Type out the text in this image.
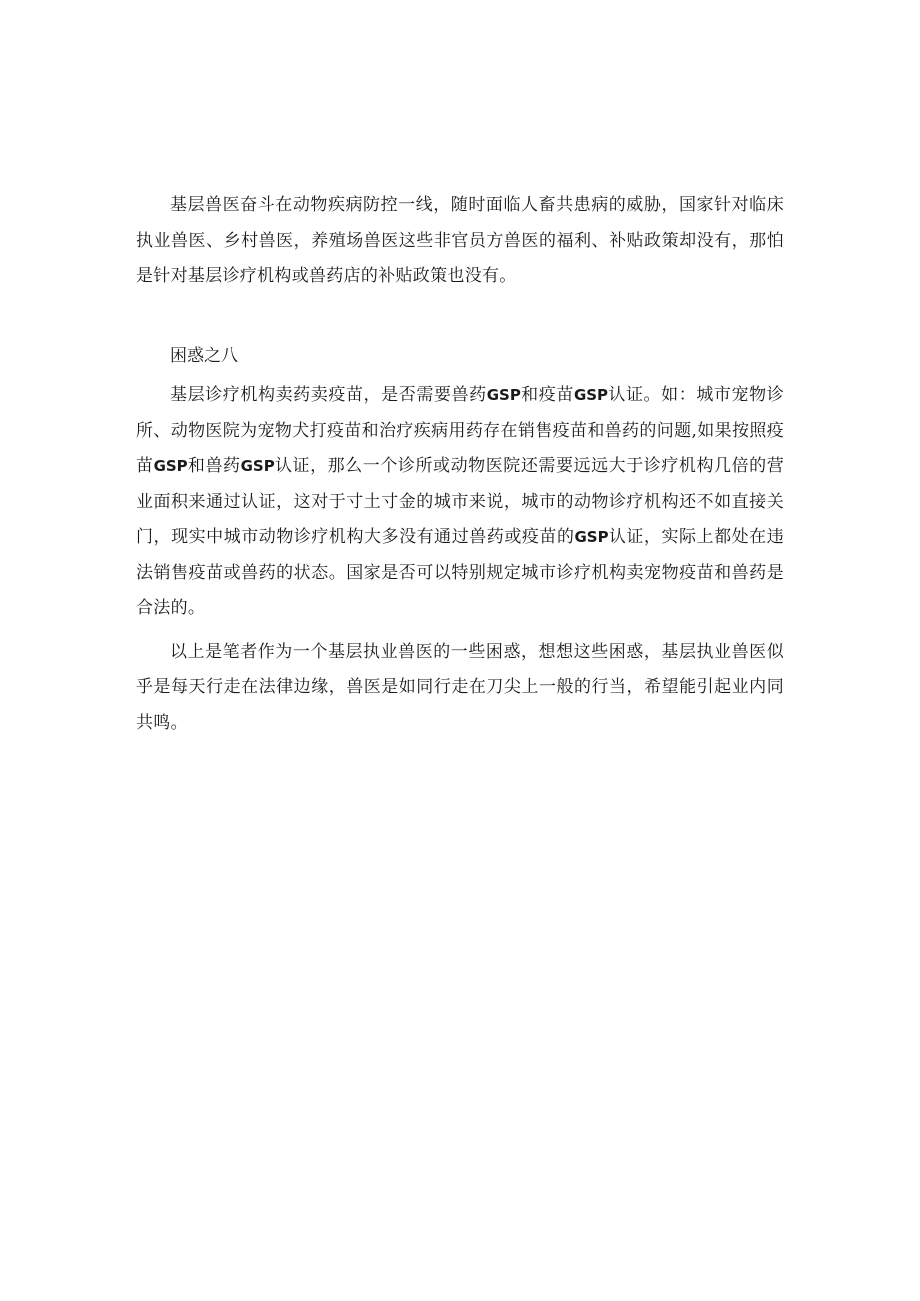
基层兽医奋斗在动物疾病防控一线，随时面临人畜共患病的威胁，国家针对临床执业兽医、乡村兽医，养殖场兽医这些非官员方兽医的福利、补贴政策却没有，那怕是针对基层诊疗机构或兽药店的补贴政策也没有。

困惑之八

基层诊疗机构卖药卖疫苗，是否需要兽药GSP和疫苗GSP认证。如：城市宠物诊所、动物医院为宠物犬打疫苗和治疗疾病用药存在销售疫苗和兽药的问题,如果按照疫苗GSP和兽药GSP认证，那么一个诊所或动物医院还需要远远大于诊疗机构几倍的营业面积来通过认证，这对于寸土寸金的城市来说，城市的动物诊疗机构还不如直接关门，现实中城市动物诊疗机构大多没有通过兽药或疫苗的GSP认证，实际上都处在违法销售疫苗或兽药的状态。国家是否可以特别规定城市诊疗机构卖宠物疫苗和兽药是合法的。

以上是笔者作为一个基层执业兽医的一些困惑，想想这些困惑，基层执业兽医似乎是每天行走在法律边缘，兽医是如同行走在刀尖上一般的行当，希望能引起业内同共鸣。
